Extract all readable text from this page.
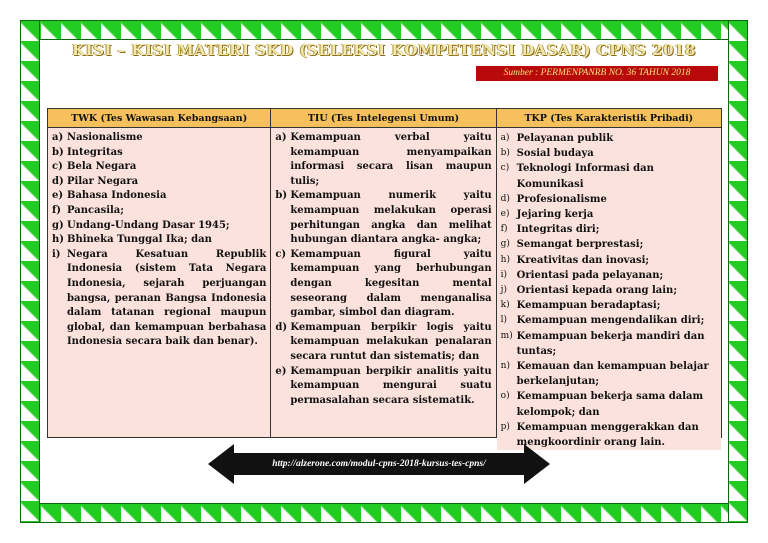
KISI – KISI MATERI SKD (SELEKSI KOMPETENSI DASAR) CPNS 2018
Sumber : PERMENPANRB NO. 36 TAHUN 2018
TWK (Tes Wawasan Kebangsaan)
a) Nasionalisme
b) Integritas
c) Bela Negara
d) Pilar Negara
e) Bahasa Indonesia
f) Pancasila;
g) Undang-Undang Dasar 1945;
h) Bhineka Tunggal Ika; dan
i) Negara Kesatuan Republik Indonesia (sistem Tata Negara Indonesia, sejarah perjuangan bangsa, peranan Bangsa Indonesia dalam tatanan regional maupun global, dan kemampuan berbahasa Indonesia secara baik dan benar).
TIU (Tes Intelegensi Umum)
a) Kemampuan verbal yaitu kemampuan menyampaikan informasi secara lisan maupun tulis;
b) Kemampuan numerik yaitu kemampuan melakukan operasi perhitungan angka dan melihat hubungan diantara angka- angka;
c) Kemampuan figural yaitu kemampuan yang berhubungan dengan kegesitan mental seseorang dalam menganalisa gambar, simbol dan diagram.
d) Kemampuan berpikir logis yaitu kemampuan melakukan penalaran secara runtut dan sistematis; dan
e) Kemampuan berpikir analitis yaitu kemampuan mengurai suatu permasalahan secara sistematik.
TKP (Tes Karakteristik Pribadi)
a) Pelayanan publik
b) Sosial budaya
c) Teknologi Informasi dan Komunikasi
d) Profesionalisme
e) Jejaring kerja
f) Integritas diri;
g) Semangat berprestasi;
h) Kreativitas dan inovasi;
i) Orientasi pada pelayanan;
j) Orientasi kepada orang lain;
k) Kemampuan beradaptasi;
l) Kemampuan mengendalikan diri;
m) Kemampuan bekerja mandiri dan tuntas;
n) Kemauan dan kemampuan belajar berkelanjutan;
o) Kemampuan bekerja sama dalam kelompok; dan
p) Kemampuan menggerakkan dan mengkoordinir orang lain.
http://alzerone.com/modul-cpns-2018-kursus-tes-cpns/
